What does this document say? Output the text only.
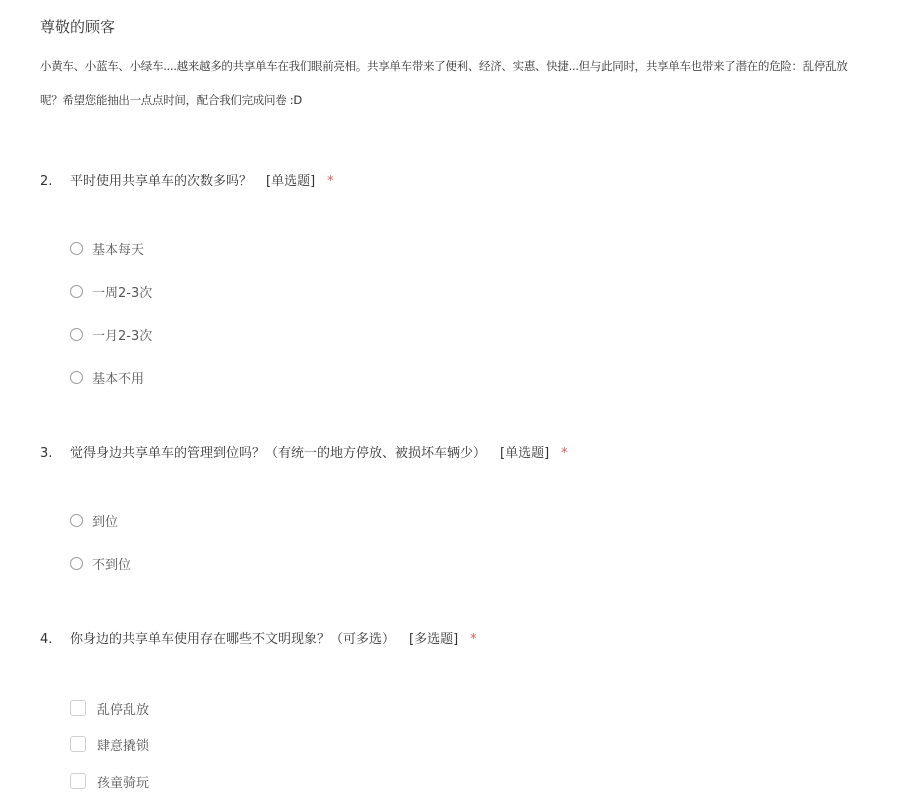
尊敬的顾客
小黄车、小蓝车、小绿车....越来越多的共享单车在我们眼前亮相。共享单车带来了便利、经济、实惠、快捷...但与此同时，共享单车也带来了潜在的危险：乱停乱放
呢？希望您能抽出一点点时间，配合我们完成问卷 :D
2. 平时使用共享单车的次数多吗？ [单选题] *
基本每天
一周2-3次
一月2-3次
基本不用
3. 觉得身边共享单车的管理到位吗？（有统一的地方停放、被损坏车辆少） [单选题] *
到位
不到位
4. 你身边的共享单车使用存在哪些不文明现象？（可多选） [多选题] *
乱停乱放
肆意撬锁
孩童骑玩
